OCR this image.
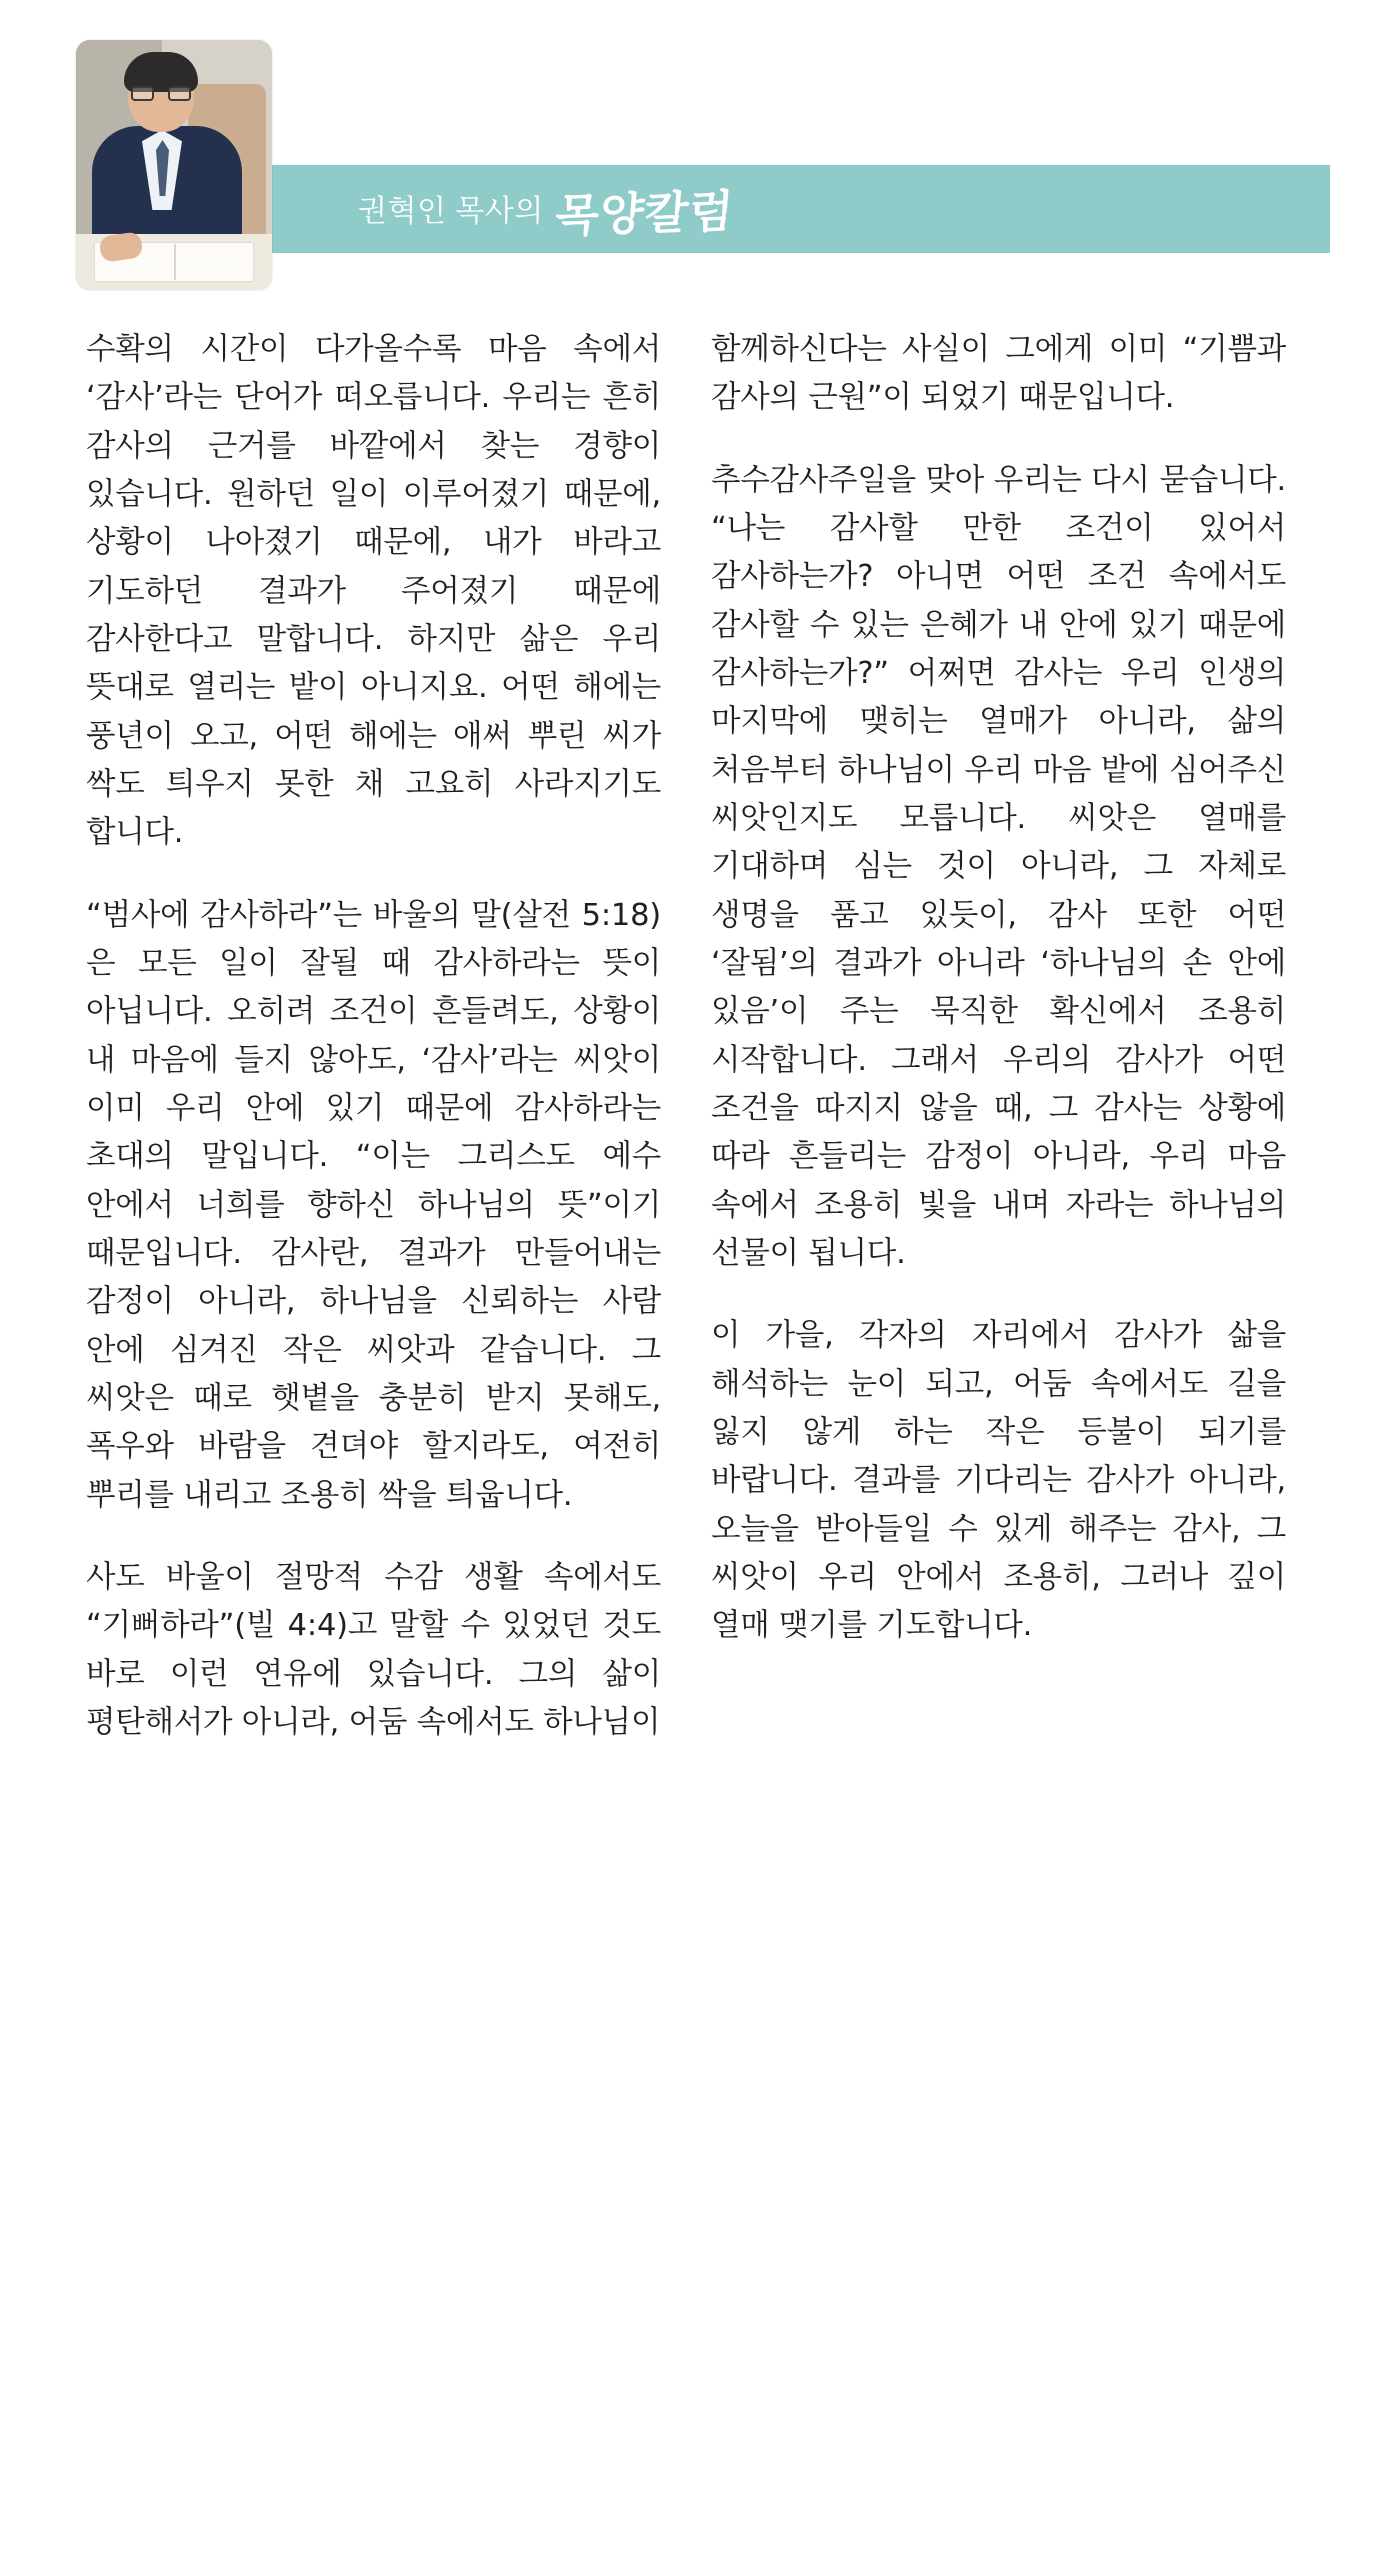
권혁인 목사의 목양칼럼

수확의 시간이 다가올수록 마음 속에서 ‘감사’라는 단어가 떠오릅니다. 우리는 흔히 감사의 근거를 바깥에서 찾는 경향이 있습니다. 원하던 일이 이루어졌기 때문에, 상황이 나아졌기 때문에, 내가 바라고 기도하던 결과가 주어졌기 때문에 감사한다고 말합니다. 하지만 삶은 우리 뜻대로 열리는 밭이 아니지요. 어떤 해에는 풍년이 오고, 어떤 해에는 애써 뿌린 씨가 싹도 틔우지 못한 채 고요히 사라지기도 합니다.

“범사에 감사하라”는 바울의 말(살전 5:18)은 모든 일이 잘될 때 감사하라는 뜻이 아닙니다. 오히려 조건이 흔들려도, 상황이 내 마음에 들지 않아도, ‘감사’라는 씨앗이 이미 우리 안에 있기 때문에 감사하라는 초대의 말입니다. “이는 그리스도 예수 안에서 너희를 향하신 하나님의 뜻”이기 때문입니다. 감사란, 결과가 만들어내는 감정이 아니라, 하나님을 신뢰하는 사람 안에 심겨진 작은 씨앗과 같습니다. 그 씨앗은 때로 햇볕을 충분히 받지 못해도, 폭우와 바람을 견뎌야 할지라도, 여전히 뿌리를 내리고 조용히 싹을 틔웁니다.

사도 바울이 절망적 수감 생활 속에서도 “기뻐하라”(빌 4:4)고 말할 수 있었던 것도 바로 이런 연유에 있습니다. 그의 삶이 평탄해서가 아니라, 어둠 속에서도 하나님이

함께하신다는 사실이 그에게 이미 “기쁨과 감사의 근원”이 되었기 때문입니다.

추수감사주일을 맞아 우리는 다시 묻습니다. “나는 감사할 만한 조건이 있어서 감사하는가? 아니면 어떤 조건 속에서도 감사할 수 있는 은혜가 내 안에 있기 때문에 감사하는가?” 어쩌면 감사는 우리 인생의 마지막에 맺히는 열매가 아니라, 삶의 처음부터 하나님이 우리 마음 밭에 심어주신 씨앗인지도 모릅니다. 씨앗은 열매를 기대하며 심는 것이 아니라, 그 자체로 생명을 품고 있듯이, 감사 또한 어떤 ‘잘됨’의 결과가 아니라 ‘하나님의 손 안에 있음’이 주는 묵직한 확신에서 조용히 시작합니다. 그래서 우리의 감사가 어떤 조건을 따지지 않을 때, 그 감사는 상황에 따라 흔들리는 감정이 아니라, 우리 마음 속에서 조용히 빛을 내며 자라는 하나님의 선물이 됩니다.

이 가을, 각자의 자리에서 감사가 삶을 해석하는 눈이 되고, 어둠 속에서도 길을 잃지 않게 하는 작은 등불이 되기를 바랍니다. 결과를 기다리는 감사가 아니라, 오늘을 받아들일 수 있게 해주는 감사, 그 씨앗이 우리 안에서 조용히, 그러나 깊이 열매 맺기를 기도합니다.
